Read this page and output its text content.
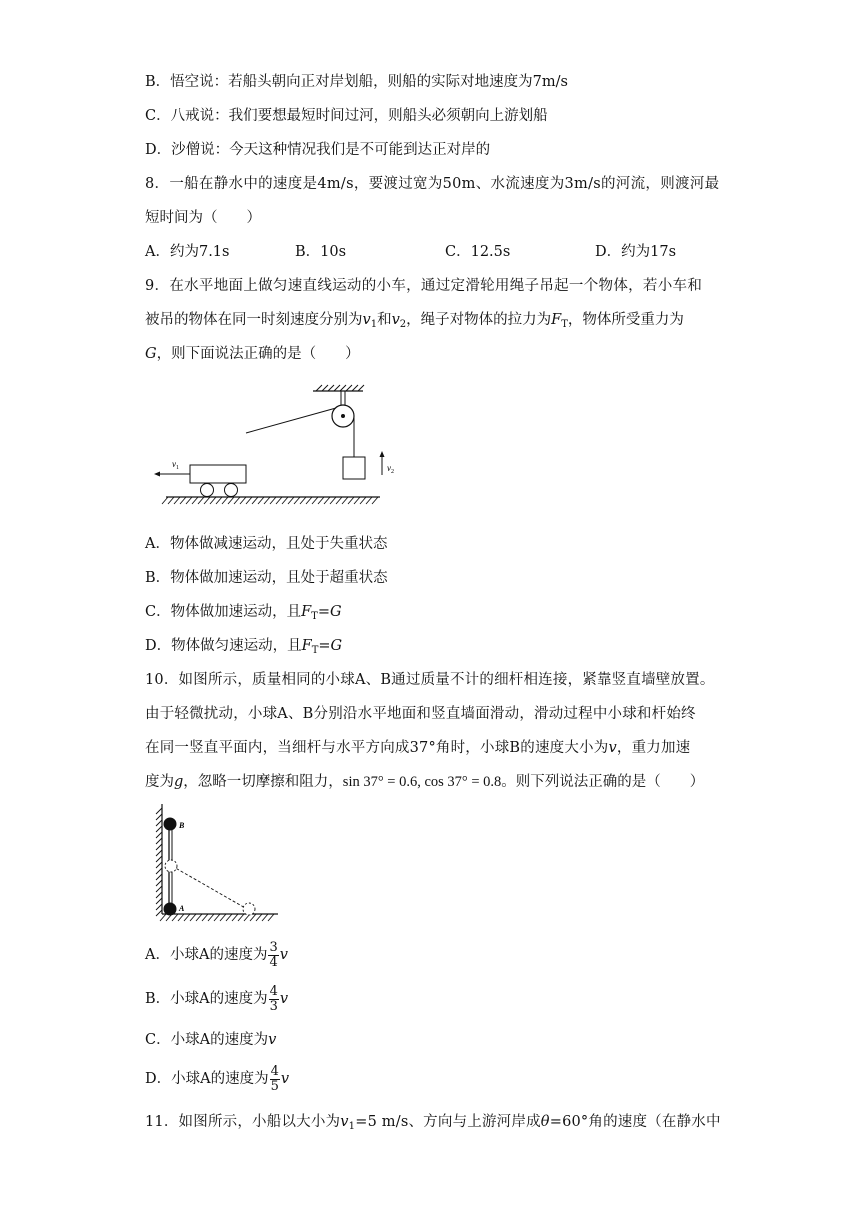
B．悟空说：若船头朝向正对岸划船，则船的实际对地速度为7m/s
C．八戒说：我们要想最短时间过河，则船头必须朝向上游划船
D．沙僧说：今天这种情况我们是不可能到达正对岸的
8．一船在静水中的速度是4m/s，要渡过宽为50m、水流速度为3m/s的河流，则渡河最
短时间为（　　）
A．约为7.1s	B．10s	C．12.5s	D．约为17s
9．在水平地面上做匀速直线运动的小车，通过定滑轮用绳子吊起一个物体，若小车和
被吊的物体在同一时刻速度分别为$v_1$和$v_2$，绳子对物体的拉力为$F_T$，物体所受重力为
G，则下面说法正确的是（　　）
$v_2$
$v_1$
A．物体做减速运动，且处于失重状态
B．物体做加速运动，且处于超重状态
C．物体做加速运动，且$F_T=G$
D．物体做匀速运动，且$F_T=G$
10．如图所示，质量相同的小球A、B通过质量不计的细杆相连接，紧靠竖直墙壁放置。
由于轻微扰动，小球A、B分别沿水平地面和竖直墙面滑动，滑动过程中小球和杆始终
在同一竖直平面内，当细杆与水平方向成37°角时，小球B的速度大小为v，重力加速
度为g，忽略一切摩擦和阻力，sin 37° = 0.6, cos 37° = 0.8。则下列说法正确的是（　　）
B
A
A．小球A的速度为 $\frac{3}{4}$ v
B．小球A的速度为 $\frac{4}{3}$ v
C．小球A的速度为v
D．小球A的速度为 $\frac{4}{5}$ v
11．如图所示，小船以大小为$v_1=5$ m/s、方向与上游河岸成θ=60°角的速度（在静水中
